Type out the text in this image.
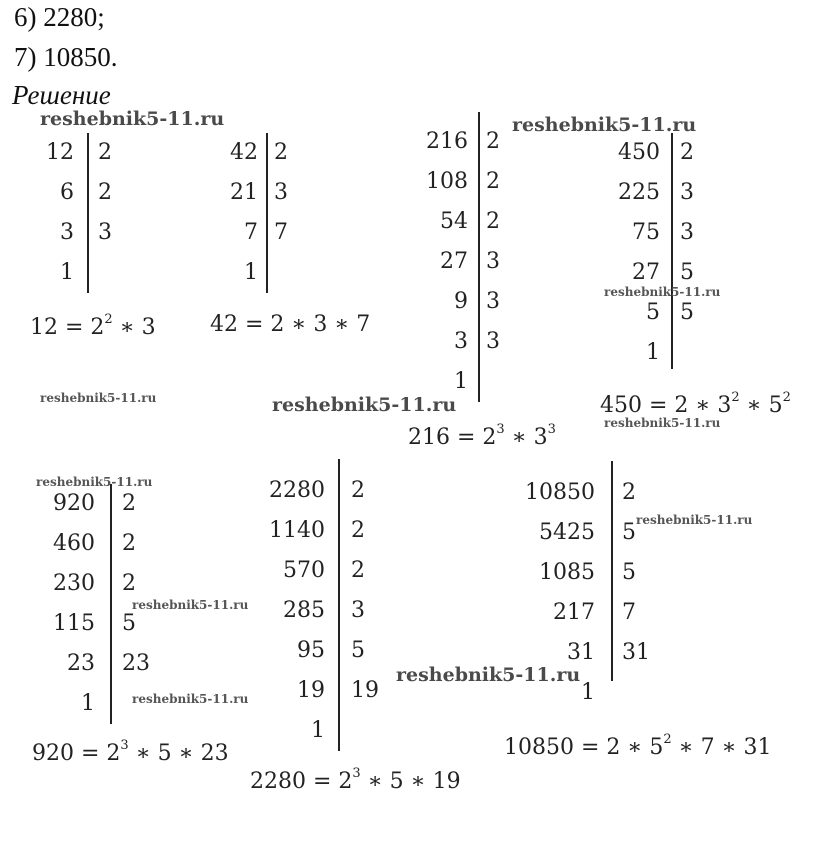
6) 2280;
7) 10850.
Решение
12 2
6 2
3 3
1
42 2
21 3
7 7
1
216 2
108 2
54 2
27 3
9 3
3 3
1
450 2
225 3
75 3
27 5
5 5
1
920 2
460 2
230 2
115 5
23 23
1
2280 2
1140 2
570 2
285 3
95 5
19 19
1
10850 2
5425 5
1085 5
217 7
31 31
1
$12 = 2^2$ ∗ 3 42 = 2 ∗ 3 ∗ 7
$216 = 2^3$ ∗ $3^3$
450 = 2 ∗ $3^2$ ∗ $5^2$
$920 = 2^3$ ∗ 5 ∗ 23
$2280 = 2^3$ ∗ 5 ∗ 19
10850 = 2 ∗ $5^2$ ∗ 7 ∗ 31
reshebnik5-11.ru	reshebnik5-11.ru
reshebnik5-11.ru
reshebnik5-11.ru	reshebnik5-11.ru
reshebnik5-11.ru
reshebnik5-11.ru
reshebnik5-11.ru
reshebnik5-11.ru
reshebnik5-11.ru
reshebnik5-11.ru
